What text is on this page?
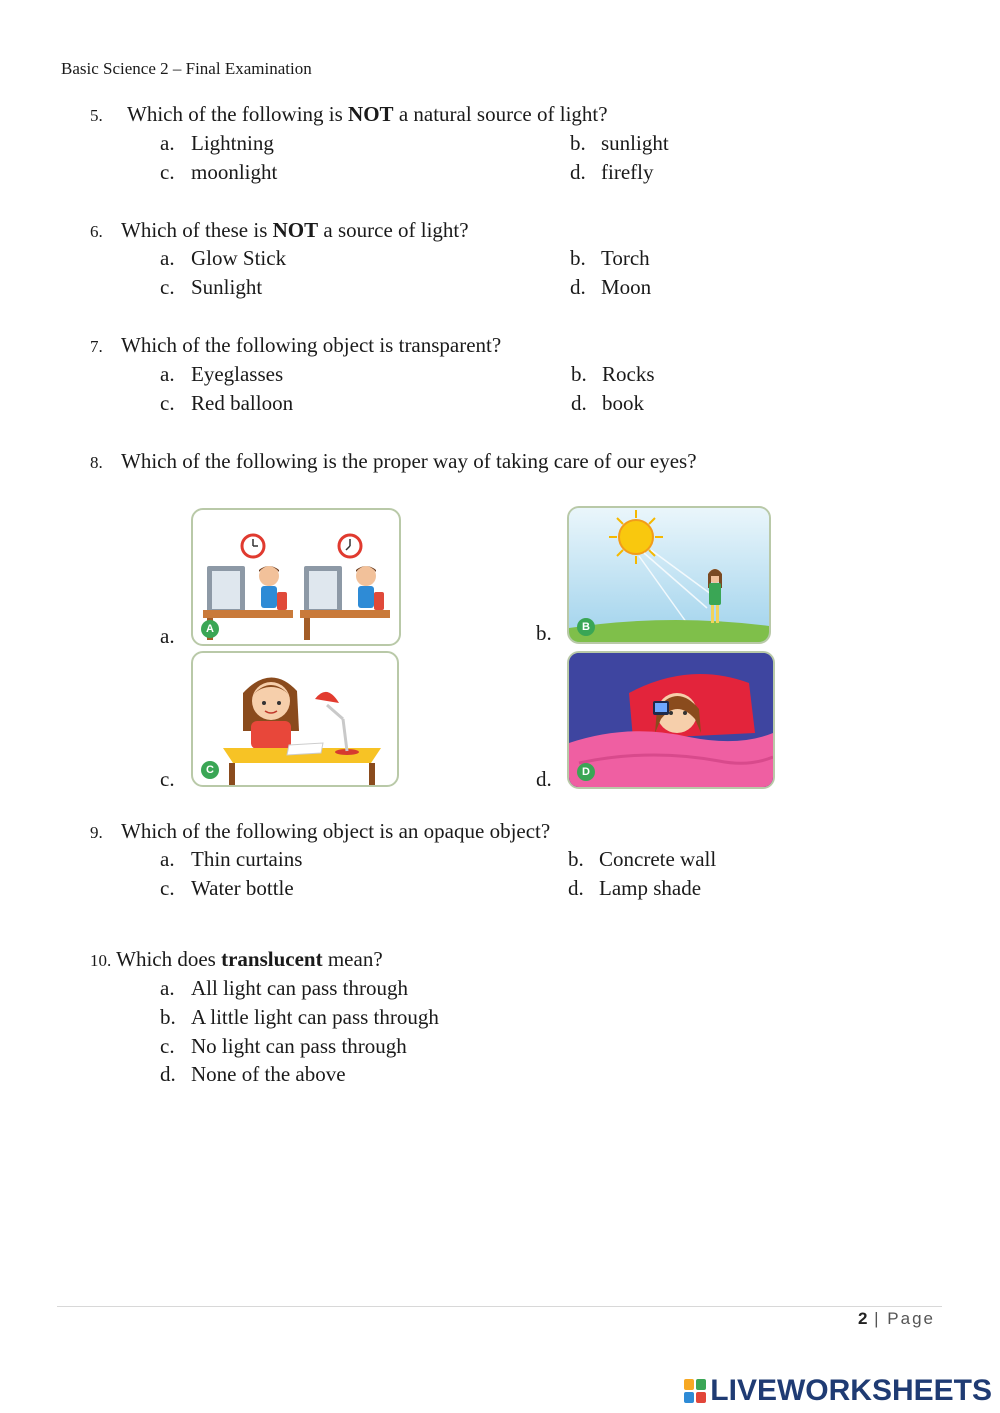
Basic Science 2 – Final Examination
5. Which of the following is NOT a natural source of light?
a. Lightning	b. sunlight
c. moonlight	d. firefly
6. Which of these is NOT a source of light?
a. Glow Stick	b. Torch
c. Sunlight	d. Moon
7. Which of the following object is transparent?
a. Eyeglasses	b. Rocks
c. Red balloon	d. book
8. Which of the following is the proper way of taking care of our eyes?
a.	b.
c.	d.
A	B
C	D
9. Which of the following object is an opaque object?
a. Thin curtains	b. Concrete wall
c. Water bottle	d. Lamp shade
10. Which does translucent mean?
a. All light can pass through
b. A little light can pass through
c. No light can pass through
d. None of the above
2 | Page
LIVEWORKSHEETS
